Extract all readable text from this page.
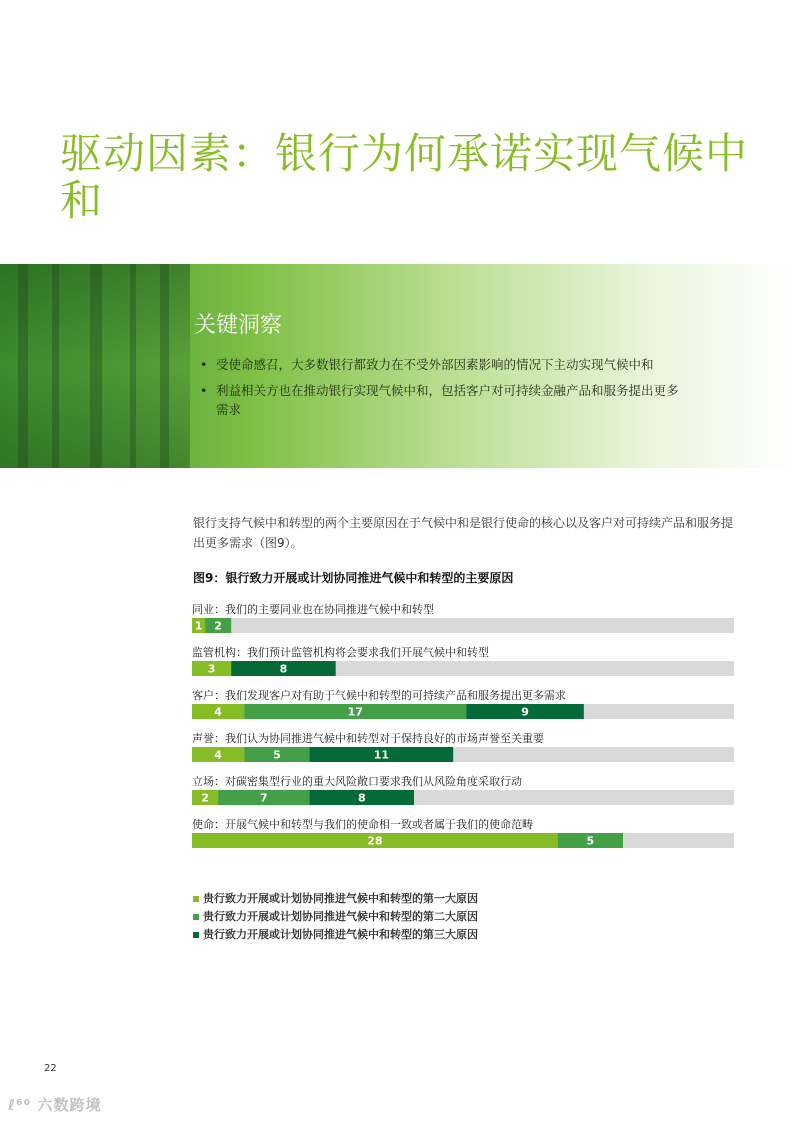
驱动因素：银行为何承诺实现气候中和
关键洞察
• 受使命感召，大多数银行都致力在不受外部因素影响的情况下主动实现气候中和
• 利益相关方也在推动银行实现气候中和，包括客户对可持续金融产品和服务提出更多需求
银行支持气候中和转型的两个主要原因在于气候中和是银行使命的核心以及客户对可持续产品和服务提出更多需求（图9）。
图9：银行致力开展或计划协同推进气候中和转型的主要原因
同业：我们的主要同业也在协同推进气候中和转型
1 2
监管机构：我们预计监管机构将会要求我们开展气候中和转型
3	8
客户：我们发现客户对有助于气候中和转型的可持续产品和服务提出更多需求
4	17	9
声誉：我们认为协同推进气候中和转型对于保持良好的市场声誉至关重要
4	5	11
立场：对碳密集型行业的重大风险敞口要求我们从风险角度采取行动
2	7	8
使命：开展气候中和转型与我们的使命相一致或者属于我们的使命范畴
28	5
贵行致力开展或计划协同推进气候中和转型的第一大原因
贵行致力开展或计划协同推进气候中和转型的第二大原因
贵行致力开展或计划协同推进气候中和转型的第三大原因
22
ℓ⁶⁰ 六数跨境
